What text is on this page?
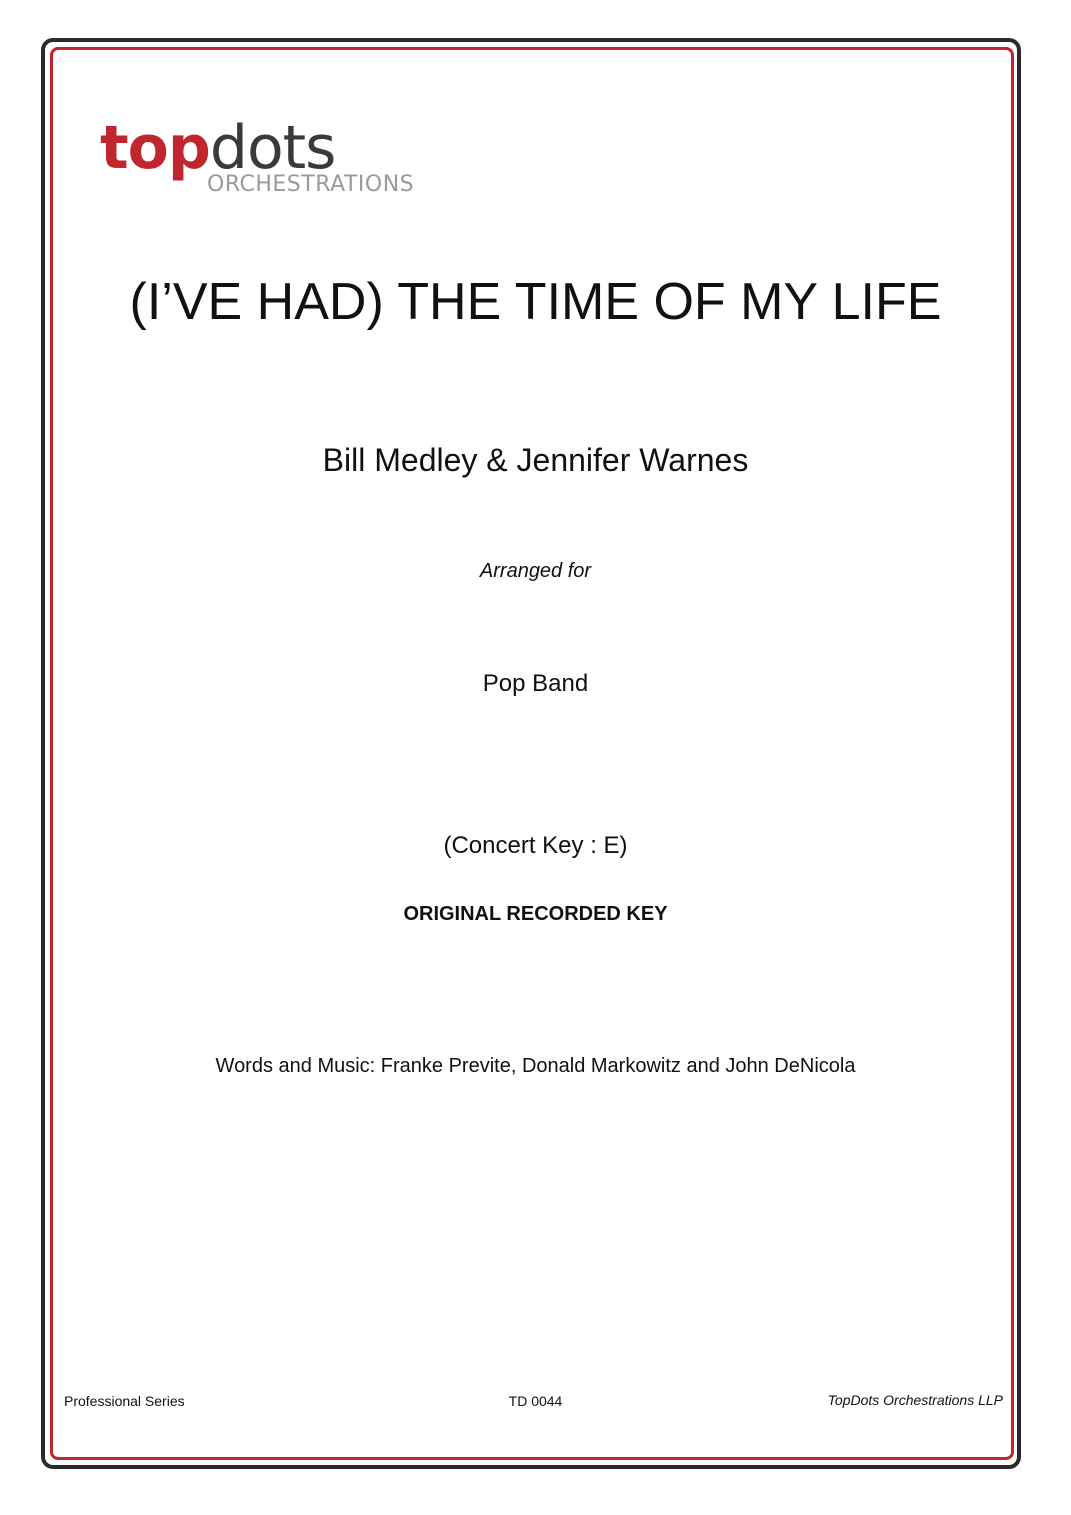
topdots
ORCHESTRATIONS
(I’VE HAD) THE TIME OF MY LIFE
Bill Medley & Jennifer Warnes
Arranged for
Pop Band
(Concert Key : E)
ORIGINAL RECORDED KEY
Words and Music: Franke Previte, Donald Markowitz and John DeNicola
Professional Series	TD 0044	TopDots Orchestrations LLP
